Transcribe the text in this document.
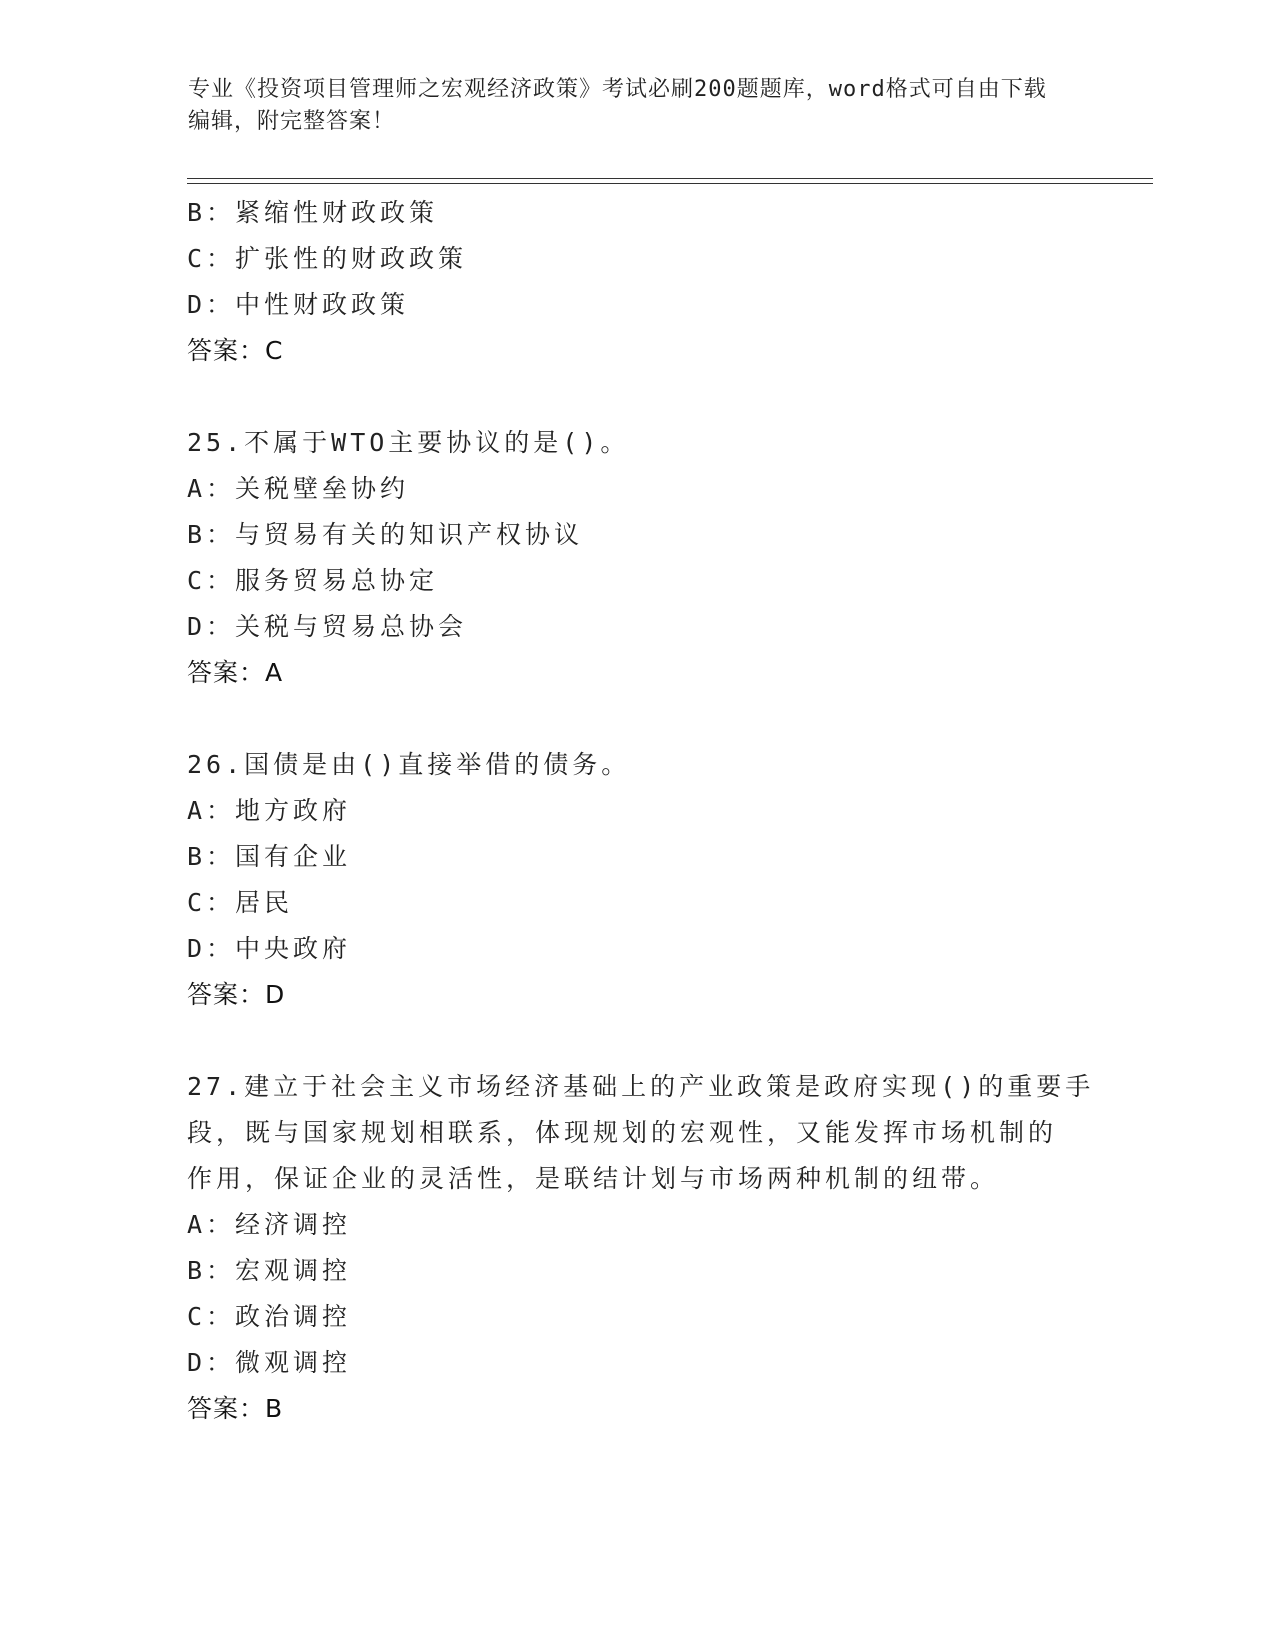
专业《投资项目管理师之宏观经济政策》考试必刷200题题库，word格式可自由下载编辑，附完整答案！
B：紧缩性财政政策
C：扩张性的财政政策
D：中性财政政策
答案：C
25.不属于WTO主要协议的是()。
A：关税壁垒协约
B：与贸易有关的知识产权协议
C：服务贸易总协定
D：关税与贸易总协会
答案：A
26.国债是由()直接举借的债务。
A：地方政府
B：国有企业
C：居民
D：中央政府
答案：D
27.建立于社会主义市场经济基础上的产业政策是政府实现()的重要手
段，既与国家规划相联系，体现规划的宏观性，又能发挥市场机制的
作用，保证企业的灵活性，是联结计划与市场两种机制的纽带。
A：经济调控
B：宏观调控
C：政治调控
D：微观调控
答案：B
